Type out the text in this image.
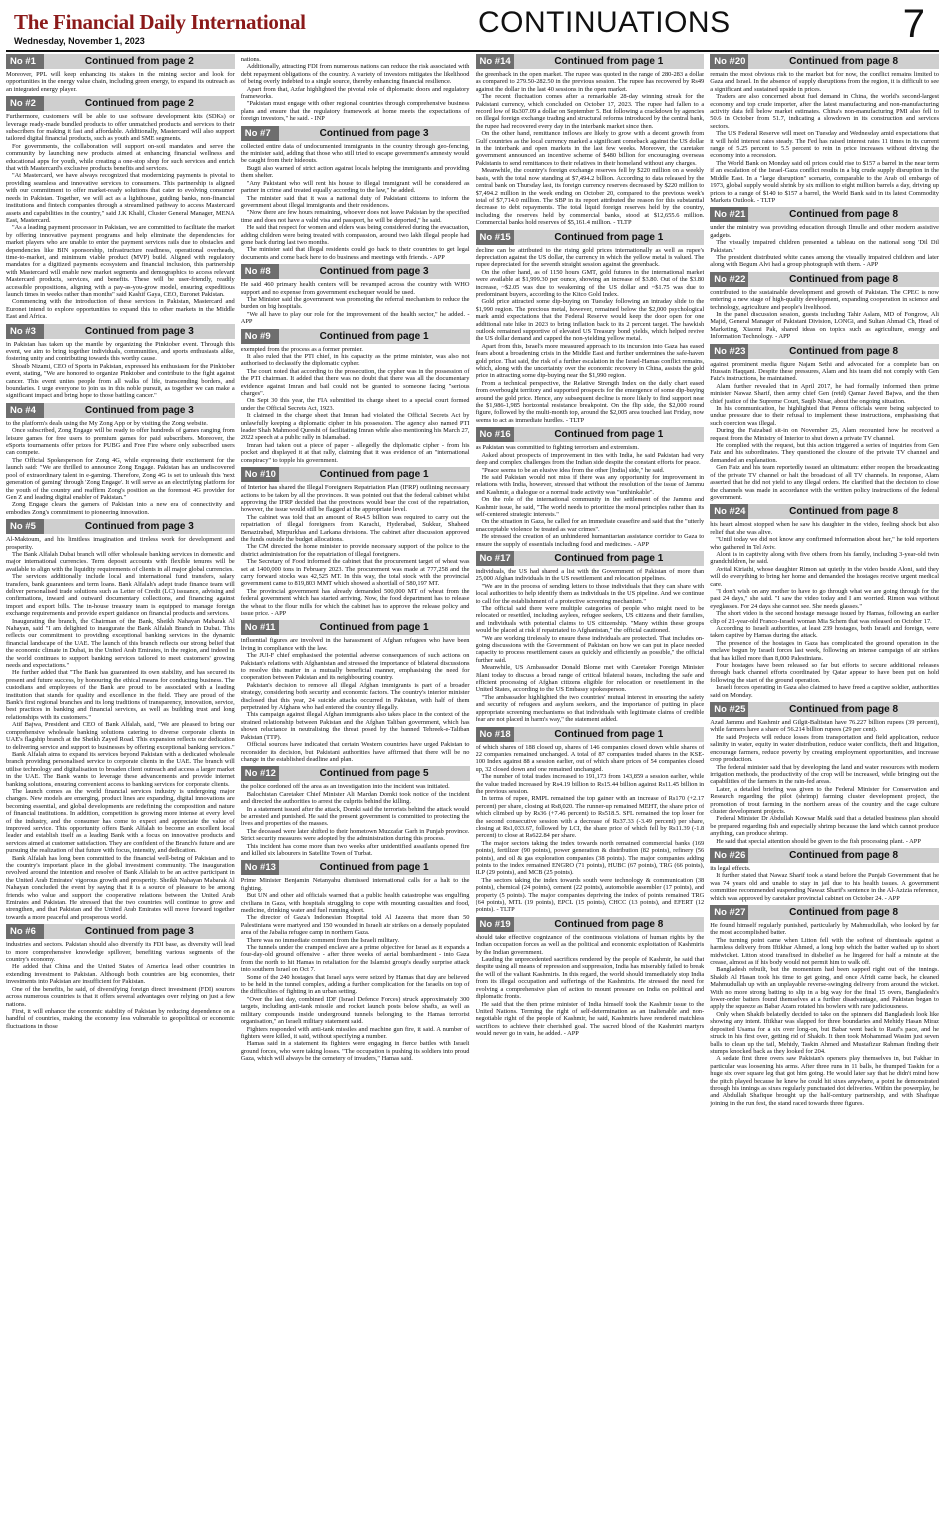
The Financial Daily International
Wednesday, November 1, 2023
CONTINUATIONS	7
No #1	Continued from page 2

Moreover, PPL will keep enhancing its stakes in the mining sector and look for opportunities in the energy value chain, including green energy, to expand its outreach as an integrated energy player.

No #2	Continued from page 2

Furthermore, customers will be able to use software development kits (SDKs) or leverage ready-made bundled products to offer unmatched products and services to their subscribers for making it fast and affordable. Additionally, Mastercard will also support tailored digital financial products, such as youth and SME segments.

For governments, the collaboration will support on-soil mandates and serve the community by launching new products aimed at enhancing financial wellness and educational apps for youth, while creating a one-stop shop for such services and enrich that with Mastercard's exclusive products benefits and services.

"At Mastercard, we have always recognized that modernizing payments is pivotal to providing seamless and innovative services to consumers. This partnership is aligned with our commitment to offer market-ready solutions that cater to evolving consumer needs in Pakistan. Together, we will act as a lighthouse, guiding banks, non-financial institutions and fintech companies through a streamlined pathway to access Mastercard assets and capabilities in the country," said J.K Khalil, Cluster General Manager, MENA East, Mastercard.

"As a leading payment processor in Pakistan, we are committed to facilitate the market by offering innovative payment programs and help eliminate the dependencies for market players who are unable to enter the payment services rails due to obstacles and dependencies like BIN sponsorship, infrastructure readiness, operational overheads, time-to-market, and minimum viable product (MVP) build. Aligned with regulatory mandates for a digitized payments ecosystem and financial inclusion, this partnership with Mastercard will enable new market segments and demographics to access relevant Mastercard products, services, and benefits. These will be user-friendly, readily accessible propositions, aligning with a pay-as-you-grow model, ensuring expeditious launch times in weeks rather than months" said Kashif Gaya, CEO, Euronet Pakistan.

Commencing with the introduction of these services in Pakistan, Mastercard and Euronet intend to explore opportunities to expand this to other markets in the Middle East and Africa.

No #3	Continued from page 3

in Pakistan has taken up the mantle by organizing the Pinktober event. Through this event, we aim to bring together individuals, communities, and sports enthusiasts alike, fostering unity and contributing towards this worthy cause.

Shoaib Nizami, CEO of Sports in Pakistan, expressed his enthusiasm for the Pinktober event, stating, "We are honored to organize Pinktober and contribute to the fight against cancer. This event unites people from all walks of life, transcending borders, and boundaries. I urge everyone to join us in this noble pursuit, as together we can make a significant impact and bring hope to those battling cancer."

No #4	Continued from page 3

to the platform's deals using the My Zong App or by visiting the Zong website.

Once subscribed, Zong Engage will be ready to offer hundreds of games ranging from leisure games for free users to premium games for paid subscribers. Moreover, the eSports tournaments offer prizes for PUBG and Free Fire where only subscribed users can compete.

The Official Spokesperson for Zong 4G, while expressing their excitement for the launch said: "We are thrilled to announce Zong Engage. Pakistan has an undiscovered pool of extraordinary talent in e-gaming. Therefore, Zong 4G is set to unleash this 'next generation of gaming' through 'Zong Engage'. It will serve as an electrifying platform for the youth of the country and reaffirm Zong's position as the foremost 4G provider for Gen Z and leading digital enabler of Pakistan."

Zong Engage clears the gamers of Pakistan into a new era of connectivity and embodies Zong's commitment to pioneering innovation.

No #5	Continued from page 3

Al-Maktoum, and his limitless imagination and tireless work for development and prosperity.

The Bank Alfalah Dubai branch will offer wholesale banking services in domestic and major international currencies. Term deposit accounts with flexible tenures will be available to align with the liquidity requirements of clients in all major global currencies.

The services additionally include local and international fund transfers, salary transfers, bank guarantees and term loans. Bank Alfalah's adept trade finance team will deliver personalised trade solutions such as Letter of Credit (LC) issuance, advising and confirmations, inward and outward documentary collections, and financing against import and export bills. The in-house treasury team is equipped to manage foreign exchange requirements and provide expert guidance on financial products and services.

Inaugurating the branch, the Chairman of the Bank, Sheikh Nahayan Mabarak Al Nahayan, said "I am delighted to inaugurate the Bank Alfalah Branch in Dubai. This reflects our commitment to providing exceptional banking services in the dynamic financial landscape of the UAE. The launch of this branch reflects our strong belief that the economic climate in Dubai, in the United Arab Emirates, in the region, and indeed in the world continues to support banking services tailored to meet customers' growing needs and expectations."

He further added that "The Bank has guaranteed its own stability, and has secured its present and future success, by honouring the ethical means for conducting business. The custodians and employees of the Bank are proud to be associated with a leading institution that stands for quality and excellence in the field. They are proud of the Bank's first regional branches and its long traditions of transparency, innovation, service, best practices in banking and financial services, as well as building trust and long relationships with its customers."

Atif Bajwa, President and CEO of Bank Alfalah, said, "We are pleased to bring our comprehensive wholesale banking solutions catering to diverse corporate clients in UAE's flagship branch at the Sheikh Zayed Road. This expansion reflects our dedication to delivering service and support to businesses by offering exceptional banking services."

Bank Alfalah aims to expand its services beyond Pakistan with a dedicated wholesale branch providing personalised service to corporate clients in the UAE. The branch will utilise technology and digitalisation to broaden client outreach and access a larger market in the UAE. The Bank wants to leverage these advancements and provide internet banking solutions, ensuring convenient access to banking services for corporate clients.

The launch comes as the world financial services industry is undergoing major changes. New models are emerging, product lines are expanding, digital innovations are becoming essential, and global developments are redefining the composition and nature of financial institutions. In addition, competition is growing more intense at every level of the industry, and the consumer has come to expect and appreciate the value of improved service. This opportunity offers Bank Alfalah to become an excellent local leader and establish itself as a leading Bank with a focus on innovative products and services aimed at customer satisfaction. They are confident of the Branch's future and are pursuing the realization of that future with focus, intensity, and dedication.

Bank Alfalah has long been committed to the financial well-being of Pakistan and to the country's important place in the global investment community. The inauguration revolved around the intention and resolve of Bank Alfalah to be an active participant in the United Arab Emirates' vigorous growth and prosperity. Sheikh Nahayan Mabarak Al Nahayan concluded the event by saying that it is a source of pleasure to be among friends who value and support the cooperative relations between the United Arab Emirates and Pakistan. He stressed that the two countries will continue to grow and strengthen, and that Pakistan and the United Arab Emirates will move forward together towards a more peaceful and prosperous world.

No #6	Continued from page 3

industries and sectors. Pakistan should also diversify its FDI base, as diversity will lead to more comprehensive knowledge spillover, benefiting various segments of the country's economy.

He added that China and the United States of America lead other countries in extending investment to Pakistan. Although both countries are big economies, their investments into Pakistan are insufficient for Pakistan.

One of the benefits, he said, of diversifying foreign direct investment (FDI) sources across numerous countries is that it offers several advantages over relying on just a few nations.

First, it will enhance the economic stability of Pakistan by reducing dependence on a handful of countries, making the economy less vulnerable to geopolitical or economic fluctuations in those

nations.

Additionally, attracting FDI from numerous nations can reduce the risk associated with debt repayment obligations of the country. A variety of investors mitigates the likelihood of being overly indebted to a single source, thereby enhancing financial resilience.

Apart from that, Azfar highlighted the pivotal role of diplomatic doors and regulatory frameworks.

"Pakistan must engage with other regional countries through comprehensive business plans and ensure that the regulatory framework at home meets the expectations of foreign investors," he said. - INP

No #7	Continued from page 3

collected entire data of undocumented immigrants in the country through geo-fencing, the minister said, adding that those who still tried to escape government's amnesty would be caught from their hideouts.

Bugti also warned of strict action against locals helping the immigrants and providing them shelter.

"Any Pakistani who will rent his house to illegal immigrant will be considered as partner in crime and treated equally according to the law," he added.

The minister said that it was a national duty of Pakistani citizens to inform the government about illegal immigrants and their residences.

"Now there are few hours remaining, whoever does not leave Pakistan by the specified time and does not have a valid visa and passport, he will be deported," he said.

He said that respect for women and elders was being considered during the evacuation, adding children were being treated with compassion, around two lakh illegal people had gone back during last two months.

The minister said that illegal residents could go back to their countries to get legal documents and come back here to do business and meetings with friends. - APP

No #8	Continued from page 3

He said 460 primary health centers will be revamped across the country with WHO support and no expense from government exchequer would be used.

The Minister said the government was promoting the referral mechanism to reduce the burden on big hospitals.

"We all have to play our role for the improvement of the health sector," he added. - APP

No #9	Continued from page 1

exempted from the process as a former premier.

It also ruled that the PTI chief, in his capacity as the prime minister, was also not authorised to declassify the diplomatic cypher.

The court noted that according to the prosecution, the cypher was in the possession of the PTI chairman. It added that there was no doubt that there was all the documentary evidence against Imran and bail could not be granted to someone facing "serious charges".

On Sept 30 this year, the FIA submitted its charge sheet to a special court formed under the Official Secrets Act, 1923.

It claimed in the charge sheet that Imran had violated the Official Secrets Act by unlawfully keeping a diplomatic cipher in his possession. The agency also named PTI leader Shah Mahmood Qureshi of facilitating Imran while also mentioning his March 27, 2022 speech at a public rally in Islamabad.

Imran had taken out a piece of paper - allegedly the diplomatic cipher - from his pocket and displayed it at that rally, claiming that it was evidence of an "international conspiracy" to topple his government.

No #10	Continued from page 1

of Interior has shared the Illegal Foreigners Repatriation Plan (IFRP) outlining necessary actions to be taken by all the provinces. It was pointed out that the federal cabinet whilst approving the IFRP decided that the provinces would bear the cost of the repatriation, however, the issue would still be flagged at the appropriate level.

The cabinet was told that an amount of Rs4.5 billion was required to carry out the repatriation of illegal foreigners from Karachi, Hyderabad, Sukkur, Shaheed Benazirabad, Mirpurkhas and Larkana divisions. The cabinet after discussion approved the funds outside the budget allocations.

The CM directed the home minister to provide necessary support of the police to the district administration for the repatriation of illegal foreigners.

The Secretary of Food informed the cabinet that the procurement target of wheat was set at 1400,000 tons in February 2023. The procurement was made at 777,258 and the carry forward stocks was 42,525 MT. In this way, the total stock with the provincial government came to 819,803 MMT which showed a shortfall of 580,197 MT.

The provincial government has already demanded 500,000 MT of wheat from the federal government which has started arriving. Now, the food department has to release the wheat to the flour mills for which the cabinet has to approve the release policy and issue price. - APP

No #11	Continued from page 1

influential figures are involved in the harassment of Afghan refugees who have been living in compliance with the law.

The JUI-F chief emphasised the potential adverse consequences of such actions on Pakistan's relations with Afghanistan and stressed the importance of bilateral discussions to resolve this matter in a mutually beneficial manner, emphasising the need for cooperation between Pakistan and its neighbouring country.

Pakistan's decision to remove all illegal Afghan immigrants is part of a broader strategy, considering both security and economic factors. The country's interior minister disclosed that this year, 24 suicide attacks occurred in Pakistan, with half of them perpetrated by Afghans who had entered the country illegally.

This campaign against illegal Afghan immigrants also takes place in the context of the strained relationship between Pakistan and the Afghan Taliban government, which has shown reluctance in neutralising the threat posed by the banned Tehreek-e-Taliban Pakistan (TTP).

Official sources have indicated that certain Western countries have urged Pakistan to reconsider its decision, but Pakistani authorities have affirmed that there will be no change in the established deadline and plan.

No #12	Continued from page 5

the police cordoned off the area as an investigation into the incident was initiated.

Balochistan Caretaker Chief Minister Ali Mardan Domki took notice of the incident and directed the authorities to arrest the culprits behind the killing.

In a statement issued after the attack, Domki said the terrorists behind the attack would be arrested and punished. He said the present government is committed to protecting the lives and properties of the masses.

The deceased were later shifted to their hometown Muzzafar Garh in Punjab province. Strict security measures were adopted by the administration during this process.

This incident has come more than two weeks after unidentified assailants opened fire and killed six labourers in Satellite Town of Turbat.

No #13	Continued from page 1

Prime Minister Benjamin Netanyahu dismissed international calls for a halt to the fighting.

But UN and other aid officials warned that a public health catastrophe was engulfing civilians in Gaza, with hospitals struggling to cope with mounting casualties and food, medicine, drinking water and fuel running short.

The director of Gaza's Indonesian Hospital told Al Jazeera that more than 50 Palestinians were martyred and 150 wounded in Israeli air strikes on a densely populated area of the Jabalia refugee camp in northern Gaza.

There was no immediate comment from the Israeli military.

The tunnels under the cramped enclave are a prime objective for Israel as it expands a four-day-old ground offensive - after three weeks of aerial bombardment - into Gaza from the north to hit Hamas in retaliation for the Islamist group's deadly surprise attack into southern Israel on Oct 7.

Some of the 240 hostages that Israel says were seized by Hamas that day are believed to be held in the tunnel complex, adding a further complication for the Israelis on top of the difficulties of fighting in an urban setting.

"Over the last day, combined IDF (Israel Defence Forces) struck approximately 300 targets, including anti-tank missile and rocket launch posts below shafts, as well as military compounds inside underground tunnels belonging to the Hamas terrorist organisation," an Israeli military statement said.

Fighters responded with anti-tank missiles and machine gun fire, it said. A number of fighters were killed, it said, without specifying a number.

Hamas said in a statement its fighters were engaging in fierce battles with Israeli ground forces, who were taking losses. "The occupation is pushing its soldiers into proud Gaza, which will always be the cemetery of invaders," Hamas said.

No #14	Continued from page 1

the greenback in the open market. The rupee was quoted in the range of 280-283 a dollar as compared to 279.50-282.50 in the previous session. The rupee has recovered by Rs49 against the dollar in the last 40 sessions in the open market.

The recent fluctuation comes after a remarkable 28-day winning streak for the Pakistani currency, which concluded on October 17, 2023. The rupee had fallen to a record low of Rs307.09 a dollar on September 5. But following a crackdown by agencies on illegal foreign exchange trading and structural reforms introduced by the central bank, the rupee had recovered every day in the interbank market since then.

On the other hand, remittance inflows are likely to grow with a decent growth from Gulf countries as the local currency marked a significant comeback against the US dollar in the interbank and open markets in the last few weeks. Moreover, the caretaker government announced an incentive scheme of $480 billion for encouraging overseas Pakistanis to send remittances to their relatives in their homeland without any charges.

Meanwhile, the country's foreign exchange reserves fell by $220 million on a weekly basis, with the total now standing at $7,494.2 billion. According to data released by the central bank on Thursday last, its foreign currency reserves decreased by $220 million to $7,494.2 million in the week ending on October 20, compared to the previous week's total of $7,714.0 million. The SBP in its report attributed the reason for this substantial decrease to debt repayments. The total liquid foreign reserves held by the country, including the reserves held by commercial banks, stood at $12,655.6 million. Commercial banks hold reserves of $5,161.4 million. - TLTP

No #15	Continued from page 1

decline can be attributed to the rising gold prices internationally as well as rupee's depreciation against the US dollar, the currency in which the yellow metal is valued. The rupee depreciated for the seventh straight session against the greenback.

On the other hand, as of 1150 hours GMT, gold futures in the international market were available at $1,999.30 per ounce, showing an increase of $3.80. Out of the $3.80 increase, ~$2.05 was due to weakening of the US dollar and ~$1.75 was due to predominant buyers, according to the Kitco Gold Index.

Gold price attracted some dip-buying on Tuesday following an intraday slide to the $1,990 region. The precious metal, however, remained below the $2,000 psychological mark amid expectations that the Federal Reserve would keep the door open for one additional rate hike in 2023 to bring inflation back to its 2 percent target. The hawkish outlook remained supportive of elevated US Treasury bond yields, which helped revive the US dollar demand and capped the non-yielding yellow metal.

Apart from this, Israel's more measured approach to its incursion into Gaza has eased fears about a broadening crisis in the Middle East and further undermines the safe-haven gold price. That said, the risk of a further escalation in the Israel-Hamas conflict remains, which, along with the uncertainty over the economic recovery in China, assists the gold price in attracting some dip-buying near the $1,990 region.

From a technical perspective, the Relative Strength Index on the daily chart eased from overbought territory and supported prospects for the emergence of some dip-buying around the gold price. Hence, any subsequent decline is more likely to find support near the $1,986-1,985 horizontal resistance breakpoint. On the flip side, the $2,000 round figure, followed by the multi-month top, around the $2,005 area touched last Friday, now seems to act as immediate hurdles. - TLTP

No #16	Continued from page 1

as Pakistan was committed to fighting terrorism and extremism.

Asked about prospects of improvement in ties with India, he said Pakistan had very deep and complex challenges from the Indian side despite the constant efforts for peace.

"Peace seems to be an elusive idea from the other [India] side," he said.

He said Pakistan would not miss if there was any opportunity for improvement in relations with India, however, stressed that without the resolution of the issue of Jammu and Kashmir, a dialogue or a normal trade activity was "unthinkable".

On the role of the international community in the settlement of the Jammu and Kashmir issue, he said, "The world needs to prioritize the moral principles rather than its self-centered strategic interests."

On the situation in Gaza, he called for an immediate ceasefire and said that the "utterly unacceptable violence be treated as war crimes".

He stressed the creation of an unhindered humanitarian assistance corridor to Gaza to ensure the supply of essentials including food and medicines. - APP

No #17	Continued from page 1

individuals, the US had shared a list with the Government of Pakistan of more than 25,000 Afghan individuals in the US resettlement and relocation pipelines.

"We are in the process of sending letters to those individuals that they can share with local authorities to help identify them as individuals in the US pipeline. And we continue to call for the establishment of a protective screening mechanism."

The official said there were multiple categories of people who might need to be relocated or resettled, including asylees, refugee seekers, US citizens and their families, and individuals with potential claims to US citizenship. "Many within these groups would be placed at risk if repatriated to Afghanistan," the official cautioned.

"We are working tirelessly to ensure these individuals are protected. That includes on-going discussions with the Government of Pakistan on how we can put in place needed capacity to process resettlement cases as quickly and efficiently as possible," the official further said.

Meanwhile, US Ambassador Donald Blome met with Caretaker Foreign Minister Jilani today to discuss a broad range of critical bilateral issues, including the safe and efficient processing of Afghan citizens eligible for relocation or resettlement in the United States, according to the US Embassy spokesperson.

"The ambassador highlighted the two countries' mutual interest in ensuring the safety and security of refugees and asylum seekers, and the importance of putting in place appropriate screening mechanisms so that individuals with legitimate claims of credible fear are not placed in harm's way," the statement added.

No #18	Continued from page 1

of which shares of 188 closed up, shares of 146 companies closed down while shares of 22 companies remained unchanged. A total of 87 companies traded shares in the KSE-100 Index against 88 a session earlier, out of which share prices of 54 companies closed up, 32 closed down and one remained unchanged.

The number of total trades increased to 191,173 from 143,859 a session earlier, while the value traded increased by Rs4.19 billion to Rs15.44 billion against Rs11.45 billion in the previous session.

In terms of rupee, RMPL remained the top gainer with an increase of Rs170 (+2.17 percent) per share, closing at Rs8,020. The runner-up remained MEHT, the share price of which climbed up by Rs36 (+7.46 percent) to Rs518.5. SFL remained the top loser for the second consecutive session with a decrease of Rs37.33 (-3.49 percent) per share, closing at Rs1,033.67, followed by LCI, the share price of which fell by Rs11.39 (-1.8 percent) to close at Rs622.84 per share.

The major sectors taking the index towards north remained commercial banks (169 points), fertilizer (90 points), power generation & distribution (82 points), refinery (56 points), and oil & gas exploration companies (38 points). The major companies adding points to the index remained ENGRO (71 points), HUBC (67 points), TRG (66 points), ILP (29 points), and MCB (25 points).

The sectors taking the index towards south were technology & communication (38 points), chemical (24 points), cement (22 points), automobile assembler (17 points), and property (5 points). The major companies depriving the index of points remained TRG (64 points), MTL (19 points), EPCL (15 points), CHCC (13 points), and EFERT (12 points). - TLTP

No #19	Continued from page 8

should take effective cognizance of the continuous violations of human rights by the Indian occupation forces as well as the political and economic exploitation of Kashmiris by the Indian government.

Lauding the unprecedented sacrifices rendered by the people of Kashmir, he said that despite using all means of repression and suppression, India has miserably failed to break the will of the valiant Kashmiris. In this regard, the world should immediately stop India from its illegal occupation and sufferings of the Kashmiris. He stressed the need for evolving a comprehensive plan of action to mount pressure on India on political and diplomatic fronts.

He said that the then prime minister of India himself took the Kashmir issue to the United Nations. Terming the right of self-determination as an inalienable and non-negotiable right of the people of Kashmir, he said, Kashmiris have rendered matchless sacrifices to achieve their cherished goal. The sacred blood of the Kashmiri martyrs would never go in vain, he added. - APP

No #20	Continued from page 8

remain the most obvious risk to the market but for now, the conflict remains limited to Gaza and Israel. In the absence of supply disruptions from the region, it is difficult to see a significant and sustained upside in prices.

Traders are also concerned about fuel demand in China, the world's second-largest economy and top crude importer, after the latest manufacturing and non-manufacturing activity data fell below market estimates. China's non-manufacturing PMI also fell to 50.6 in October from 51.7, indicating a slowdown in its construction and services sectors.

The US Federal Reserve will meet on Tuesday and Wednesday amid expectations that it will hold interest rates steady. The Fed has raised interest rates 11 times in its current range of 5.25 percent to 5.5 percent to rein in price increases without driving the economy into a recession.

The World Bank on Monday said oil prices could rise to $157 a barrel in the near term if an escalation of the Israel-Gaza conflict results in a big crude supply disruption in the Middle East. In a "large disruption" scenario, comparable to the Arab oil embargo of 1973, global supply would shrink by six million to eight million barrels a day, driving up prices to a range of $140 to $157 a barrel, the World Bank said in its latest Commodity Markets Outlook. - TLTP

No #21	Continued from page 8

under the ministry was providing education through Ilmulle and other modern assistive gadgets.

The visually impaired children presented a tableau on the national song 'Dil Dil Pakistan.'

The president distributed white canes among the visually impaired children and later along with Begum Alvi had a group photograph with them. - APP

No #22	Continued from page 8

contributed to the sustainable development and growth of Pakistan. The CPEC is now entering a new stage of high-quality development, expanding cooperation in science and technology, agriculture and people's livelihood.

In the panel discussion session, guests including Tahir Aslam, MD of Fongrow, Ali Majid, General Manager of Pakistani Division, LONGi, and Sultan Ahmad Ch, Head of Marketing, Xiaomi Pak, shared ideas on topics such as agriculture, energy and Information Technology. - APP

No #23	Continued from page 8

against prominent media figure Najam Sethi and advocated for a complete ban on Hussain Haqqani. Despite these pressures, Alam and his team did not comply with Gen Faiz's instructions, he maintained.

Alam further revealed that in April 2017, he had formally informed then prime minister Nawaz Sharif, then army chief Gen (retd) Qamar Javed Bajwa, and the then chief justice of the Supreme Court, Saqib Nisar, about the ongoing situation.

In his communication, he highlighted that Pemra officials were being subjected to undue pressure due to their refusal to implement these instructions, emphasising that such coercion was illegal.

During the Faizabad sit-in on November 25, Alam recounted how he received a request from the Ministry of Interior to shut down a private TV channel.

He complied with the request, but this action triggered a series of inquiries from Gen Faiz and his subordinates. They questioned the closure of the private TV channel and demanded an explanation.

Gen Faiz and his team reportedly issued an ultimatum: either reopen the broadcasting of the private TV channel or halt the broadcast of all TV channels. In response, Alam asserted that he did not yield to any illegal orders. He clarified that the decision to close the channels was made in accordance with the written policy instructions of the federal government.

No #24	Continued from page 8

his heart almost stopped when he saw his daughter in the video, feeling shock but also relief that she was alive.

"Until today we did not know any confirmed information about her," he told reporters who gathered in Tel Aviv.

Aloni is in captivity along with five others from his family, including 3-year-old twin grandchildren, he said.

Avital Kiriathi, whose daughter Rimon sat quietly in the video beside Aloni, said they will do everything to bring her home and demanded the hostages receive urgent medical care.

"I don't wish on any mother to have to go through what we are going through for the past 24 days," she said. "I saw the video today and I am worried. Rimon was without eyeglasses. For 24 days she cannot see. She needs glasses."

The short video is the second hostage message issued by Hamas, following an earlier clip of 21-year-old Franco-Israeli woman Mia Schem that was released on October 17.

According to Israeli authorities, at least 239 hostages, both Israeli and foreign, were taken captive by Hamas during the attack.

The presence of the hostages in Gaza has complicated the ground operation in the enclave begun by Israeli forces last week, following an intense campaign of air strikes that has killed more than 8,000 Palestinians.

Four hostages have been released so far but efforts to secure additional releases through back channel efforts coordinated by Qatar appear to have been put on hold following the start of the ground operation.

Israeli forces operating in Gaza also claimed to have freed a captive soldier, authorities said on Monday.

No #25	Continued from page 8

Azad Jammu and Kashmir and Gilgit-Baltistan have 76.227 billion rupees (39 percent), while farmers have a share of 56.214 billion rupees (29 per cent).

He said Projects will reduce losses from transportation and field application, reduce salinity in water, equity in water distribution, reduce water conflicts, theft and litigation, encourage farmers, reduce poverty by creating employment opportunities, and increase crop production.

The federal minister said that by developing the land and water resources with modern irrigation methods, the productivity of the crop will be increased, while bringing out the capabilities of the farmers in the rain-fed areas.

Later, a detailed briefing was given to the Federal Minister for Conservation and Research regarding the pilot (shrimp) farming cluster development project, the promotion of trout farming in the northern areas of the country and the cage culture cluster development projects.

Federal Minister Dr Abdullah Kowsar Malik said that a detailed business plan should be prepared regarding fish and especially shrimp because the land which cannot produce anything, can produce shrimp.

He said that special attention should be given to the fish processing plant. - APP

No #26	Continued from page 8

its legal effects.

It further stated that Nawaz Sharif took a stand before the Punjab Government that he was 74 years old and unable to stay in jail due to his health issues. A government committee recommended suspending Nawaz Sharif's sentence in the Al-Azizia reference, which was approved by caretaker provincial cabinet on October 24. - APP

No #27	Continued from page 8

He found himself regularly punished, particularly by Mahmudullah, who looked by far the most accomplished batter.

The turning point came when Litton fell with the softest of dismissals against a harmless delivery from Iftikhar Ahmed, a long hop which the batter wafted up to short midwicket. Litton stood transfixed in disbelief as he lingered for half a minute at the crease, almost as if his body would not permit him to walk off.

Bangladesh rebuilt, but the momentum had been sapped right out of the innings. Shakib Al Hasan took his time to get going, and once Afridi came back, he cleaned Mahmudullah up with an unplayable reverse-swinging delivery from around the wicket. With no more strong batting to slip in a big way for the final 15 overs, Bangladesh's lower-order batters found themselves at a further disadvantage, and Pakistan began to apply the squeeze as Babar Azam rotated his bowlers with rare judiciousness.

Only when Shakib belatedly decided to take on the spinners did Bangladesh look like showing any intent. Iftikhar was slapped for three boundaries and Mehidy Hasan Miraz deposited Usama for a six over long-on, but Babar went back to Rauf's pace, and he struck in his first over, getting rid of Shakib. It then took Mohammad Wasim just seven balls to clean up the tail, Mehidy, Taskin Ahmed and Mustafizur Rahman finding their stumps knocked back as they looked for 204.

A sedate first three overs saw Pakistan's openers play themselves in, but Fakhar in particular was loosening his arms. After three runs in 11 balls, he thumped Taskin for a huge six over square leg that got him going. He would later say that he didn't mind how the pitch played because he knew he could hit sixes anywhere, a point he demonstrated through his innings as sixes regularly punctuated dot deliveries. Within the powerplay, he and Abdullah Shafique brought up the half-century partnership, and with Shafique joining in the run fest, the stand raced towards three figures.
